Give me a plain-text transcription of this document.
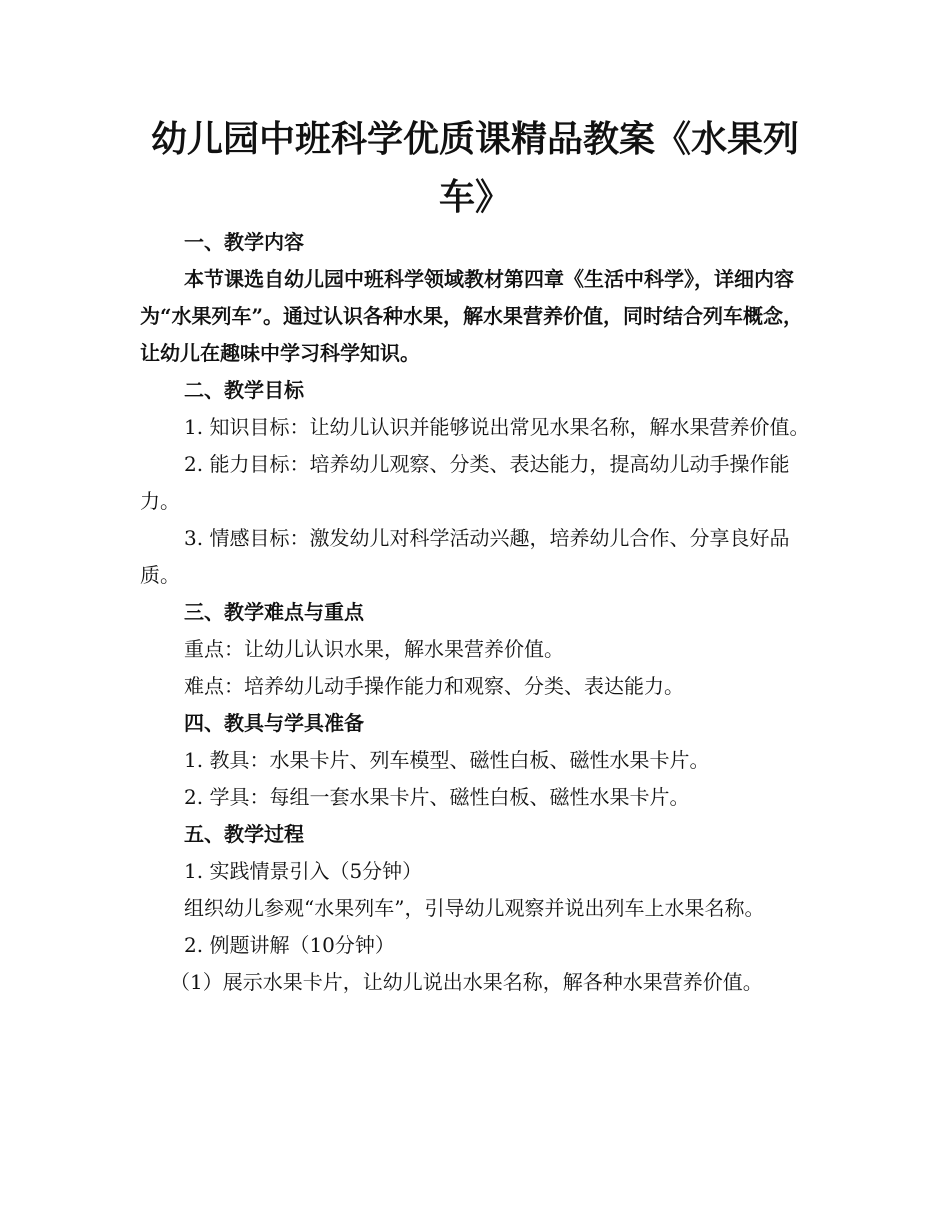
幼儿园中班科学优质课精品教案《水果列车》

一、教学内容

本节课选自幼儿园中班科学领域教材第四章《生活中科学》，详细内容为“水果列车”。通过认识各种水果，解水果营养价值，同时结合列车概念，让幼儿在趣味中学习科学知识。

二、教学目标

1. 知识目标：让幼儿认识并能够说出常见水果名称，解水果营养价值。

2. 能力目标：培养幼儿观察、分类、表达能力，提高幼儿动手操作能力。

3. 情感目标：激发幼儿对科学活动兴趣，培养幼儿合作、分享良好品质。

三、教学难点与重点

重点：让幼儿认识水果，解水果营养价值。

难点：培养幼儿动手操作能力和观察、分类、表达能力。

四、教具与学具准备

1. 教具：水果卡片、列车模型、磁性白板、磁性水果卡片。

2. 学具：每组一套水果卡片、磁性白板、磁性水果卡片。

五、教学过程

1. 实践情景引入（5分钟）

组织幼儿参观“水果列车”，引导幼儿观察并说出列车上水果名称。

2. 例题讲解（10分钟）

（1）展示水果卡片，让幼儿说出水果名称，解各种水果营养价值。
